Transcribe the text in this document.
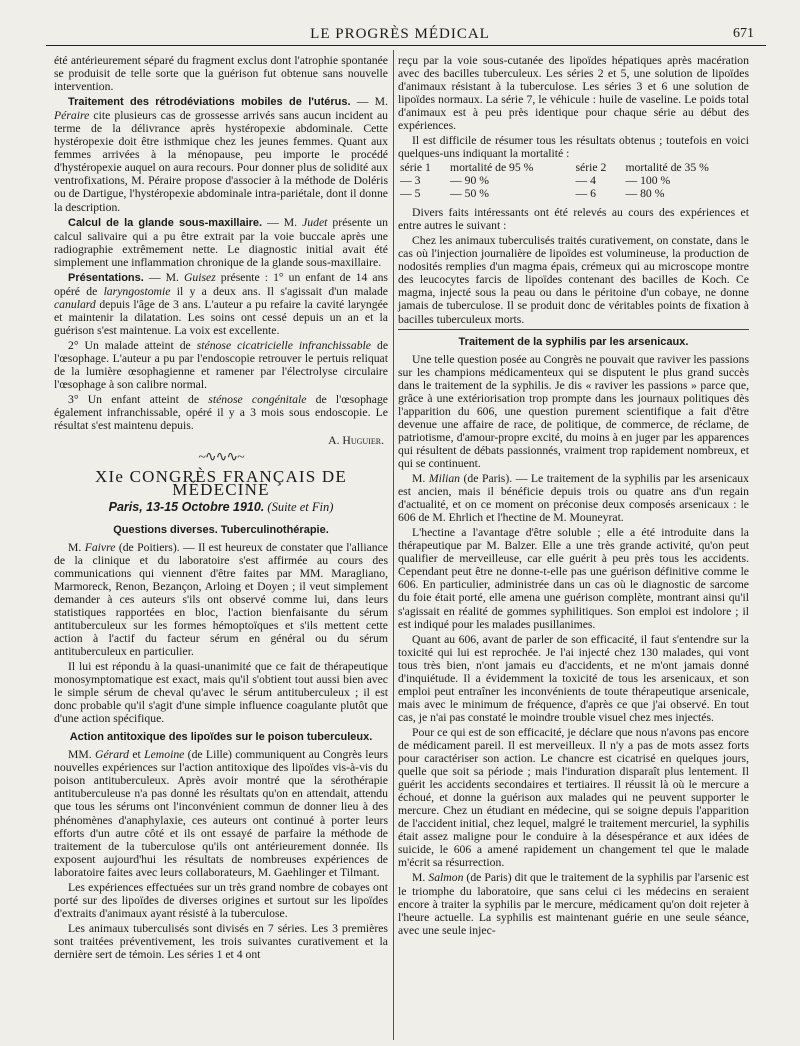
LE PROGRÈS MÉDICAL	671

été antérieurement séparé du fragment exclus dont l'atrophie spontanée se produisit de telle sorte que la guérison fut obtenue sans nouvelle intervention.

Traitement des rétrodéviations mobiles de l'utérus. — M. Péraire cite plusieurs cas de grossesse arrivés sans aucun incident au terme de la délivrance après hystéropexie abdominale. Cette hystéropexie doit être isthmique chez les jeunes femmes. Quant aux femmes arrivées à la ménopause, peu importe le procédé d'hystéropexie auquel on aura recours. Pour donner plus de solidité aux ventrofixations, M. Péraire propose d'associer à la méthode de Doléris ou de Dartigue, l'hystéropexie abdominale intra-pariétale, dont il donne la description.

Calcul de la glande sous-maxillaire. — M. Judet présente un calcul salivaire qui a pu être extrait par la voie buccale après une radiographie extrêmement nette. Le diagnostic initial avait été simplement une inflammation chronique de la glande sous-maxillaire.

Présentations. — M. Guisez présente : 1° un enfant de 14 ans opéré de laryngostomie il y a deux ans. Il s'agissait d'un malade canulard depuis l'âge de 3 ans. L'auteur a pu refaire la cavité laryngée et maintenir la dilatation. Les soins ont cessé depuis un an et la guérison s'est maintenue. La voix est excellente.

2° Un malade atteint de sténose cicatricielle infranchissable de l'œsophage. L'auteur a pu par l'endoscopie retrouver le pertuis reliquat de la lumière œsophagienne et ramener par l'électrolyse circulaire l'œsophage à son calibre normal.

3° Un enfant atteint de sténose congénitale de l'œsophage également infranchissable, opéré il y a 3 mois sous endoscopie. Le résultat s'est maintenu depuis.

A. Huguier.

~∿∿∿~
XIe CONGRÈS FRANÇAIS DE MÉDECINE
Paris, 13-15 Octobre 1910. (Suite et Fin)
Questions diverses. Tuberculinothérapie.

M. Faivre (de Poitiers). — Il est heureux de constater que l'alliance de la clinique et du laboratoire s'est affirmée au cours des communications qui viennent d'être faites par MM. Maragliano, Marmoreck, Renon, Bezançon, Arloing et Doyen ; il veut simplement demander à ces auteurs s'ils ont observé comme lui, dans leurs statistiques rapportées en bloc, l'action bienfaisante du sérum antituberculeux sur les formes hémoptoïques et s'ils mettent cette action à l'actif du facteur sérum en général ou du sérum antituberculeux en particulier.

Il lui est répondu à la quasi-unanimité que ce fait de thérapeutique monosymptomatique est exact, mais qu'il s'obtient tout aussi bien avec le simple sérum de cheval qu'avec le sérum antituberculeux ; il est donc probable qu'il s'agit d'une simple influence coagulante plutôt que d'une action spécifique.

Action antitoxique des lipoïdes sur le poison tuberculeux.

MM. Gérard et Lemoine (de Lille) communiquent au Congrès leurs nouvelles expériences sur l'action antitoxique des lipoïdes vis-à-vis du poison antituberculeux. Après avoir montré que la sérothérapie antituberculeuse n'a pas donné les résultats qu'on en attendait, attendu que tous les sérums ont l'inconvénient commun de donner lieu à des phénomènes d'anaphylaxie, ces auteurs ont continué à porter leurs efforts d'un autre côté et ils ont essayé de parfaire la méthode de traitement de la tuberculose qu'ils ont antérieurement donnée. Ils exposent aujourd'hui les résultats de nombreuses expériences de laboratoire faites avec leurs collaborateurs, M. Gaehlinger et Tilmant.

Les expériences effectuées sur un très grand nombre de cobayes ont porté sur des lipoïdes de diverses origines et surtout sur les lipoïdes d'extraits d'animaux ayant résisté à la tuberculose.

Les animaux tuberculisés sont divisés en 7 séries. Les 3 premières sont traitées préventivement, les trois suivantes curativement et la dernière sert de témoin. Les séries 1 et 4 ont

reçu par la voie sous-cutanée des lipoïdes hépatiques après macération avec des bacilles tuberculeux. Les séries 2 et 5, une solution de lipoïdes d'animaux résistant à la tuberculose. Les séries 3 et 6 une solution de lipoïdes normaux. La série 7, le véhicule : huile de vaseline. Le poids total d'animaux est à peu près identique pour chaque série au début des expériences.

Il est difficile de résumer tous les résultats obtenus ; toutefois en voici quelques-uns indiquant la mortalité :

série 1	mortalité de 95 %	série 2	mortalité de 35 %
— 3	— 90 %	— 4	— 100 %
— 5	— 50 %	— 6	— 80 %

Divers faits intéressants ont été relevés au cours des expériences et entre autres le suivant :

Chez les animaux tuberculisés traités curativement, on constate, dans le cas où l'injection journalière de lipoïdes est volumineuse, la production de nodosités remplies d'un magma épais, crémeux qui au microscope montre des leucocytes farcis de lipoïdes contenant des bacilles de Koch. Ce magma, injecté sous la peau ou dans le péritoine d'un cobaye, ne donne jamais de tuberculose. Il se produit donc de véritables points de fixation à bacilles tuberculeux morts.

Traitement de la syphilis par les arsenicaux.

Une telle question posée au Congrès ne pouvait que raviver les passions sur les champions médicamenteux qui se disputent le plus grand succès dans le traitement de la syphilis. Je dis « raviver les passions » parce que, grâce à une extériorisation trop prompte dans les journaux politiques dès l'apparition du 606, une question purement scientifique a fait d'être devenue une affaire de race, de politique, de commerce, de réclame, de patriotisme, d'amour-propre excité, du moins à en juger par les apparences qui résultent de débats passionnés, vraiment trop rapidement nombreux, et qui se continuent.

M. Milian (de Paris). — Le traitement de la syphilis par les arsenicaux est ancien, mais il bénéficie depuis trois ou quatre ans d'un regain d'actualité, et on ce moment on préconise deux composés arsenicaux : le 606 de M. Ehrlich et l'hectine de M. Mouneyrat.

L'hectine a l'avantage d'être soluble ; elle a été introduite dans la thérapeutique par M. Balzer. Elle a une très grande activité, qu'on peut qualifier de merveilleuse, car elle guérit à peu près tous les accidents. Cependant peut être ne donne-t-elle pas une guérison définitive comme le 606. En particulier, administrée dans un cas où le diagnostic de sarcome du foie était porté, elle amena une guérison complète, montrant ainsi qu'il s'agissait en réalité de gommes syphilitiques. Son emploi est indolore ; il est indiqué pour les malades pusillanimes.

Quant au 606, avant de parler de son efficacité, il faut s'entendre sur la toxicité qui lui est reprochée. Je l'ai injecté chez 130 malades, qui vont tous très bien, n'ont jamais eu d'accidents, et ne m'ont jamais donné d'inquiétude. Il a évidemment la toxicité de tous les arsenicaux, et son emploi peut entraîner les inconvénients de toute thérapeutique arsenicale, mais avec le minimum de fréquence, d'après ce que j'ai observé. En tout cas, je n'ai pas constaté le moindre trouble visuel chez mes injectés.

Pour ce qui est de son efficacité, je déclare que nous n'avons pas encore de médicament pareil. Il est merveilleux. Il n'y a pas de mots assez forts pour caractériser son action. Le chancre est cicatrisé en quelques jours, quelle que soit sa période ; mais l'induration disparaît plus lentement. Il guérit les accidents secondaires et tertiaires. Il réussit là où le mercure a échoué, et donne la guérison aux malades qui ne peuvent supporter le mercure. Chez un étudiant en médecine, qui se soigne depuis l'apparition de l'accident initial, chez lequel, malgré le traitement mercuriel, la syphilis était assez maligne pour le conduire à la désespérance et aux idées de suicide, le 606 a amené rapidement un changement tel que le malade m'écrit sa résurrection.

M. Salmon (de Paris) dit que le traitement de la syphilis par l'arsenic est le triomphe du laboratoire, que sans celui ci les médecins en seraient encore à traiter la syphilis par le mercure, médicament qu'on doit rejeter à l'heure actuelle. La syphilis est maintenant guérie en une seule séance, avec une seule injec-
